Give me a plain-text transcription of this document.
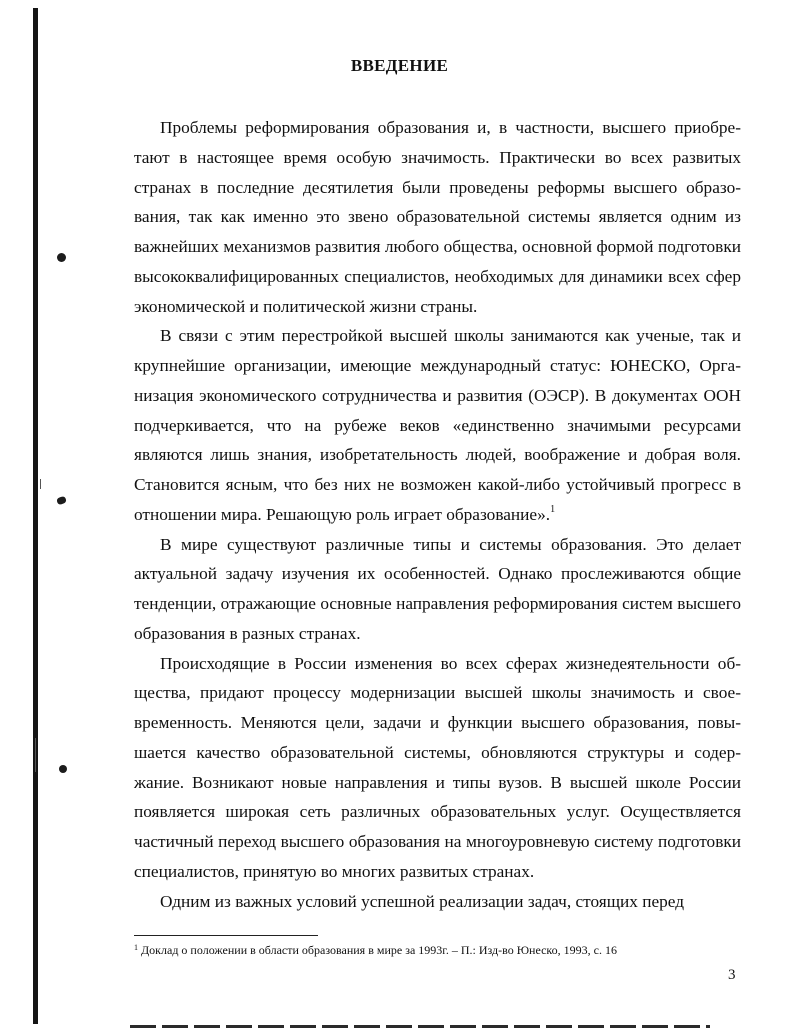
ВВЕДЕНИЕ

Проблемы реформирования образования и, в частности, высшего приобретают в настоящее время особую значимость. Практически во всех развитых странах в последние десятилетия были проведены реформы высшего образования, так как именно это звено образовательной системы является одним из важнейших механизмов развития любого общества, основной формой подготовки высококвалифицированных специалистов, необходимых для динамики всех сфер экономической и политической жизни страны.

В связи с этим перестройкой высшей школы занимаются как ученые, так и крупнейшие организации, имеющие международный статус: ЮНЕСКО, Организация экономического сотрудничества и развития (ОЭСР). В документах ООН подчеркивается, что на рубеже веков «единственно значимыми ресурсами являются лишь знания, изобретательность людей, воображение и добрая воля. Становится ясным, что без них не возможен какой-либо устойчивый прогресс в отношении мира. Решающую роль играет образование».$^1$

В мире существуют различные типы и системы образования. Это делает актуальной задачу изучения их особенностей. Однако прослеживаются общие тенденции, отражающие основные направления реформирования систем высшего образования в разных странах.

Происходящие в России изменения во всех сферах жизнедеятельности общества, придают процессу модернизации высшей школы значимость и своевременность. Меняются цели, задачи и функции высшего образования, повышается качество образовательной системы, обновляются структуры и содержание. Возникают новые направления и типы вузов. В высшей школе России появляется широкая сеть различных образовательных услуг. Осуществляется частичный переход высшего образования на многоуровневую систему подготовки специалистов, принятую во многих развитых странах.

Одним из важных условий успешной реализации задач, стоящих перед

$^1$ Доклад о положении в области образования в мире за 1993г. – П.: Изд-во Юнеско, 1993, с. 16

3
